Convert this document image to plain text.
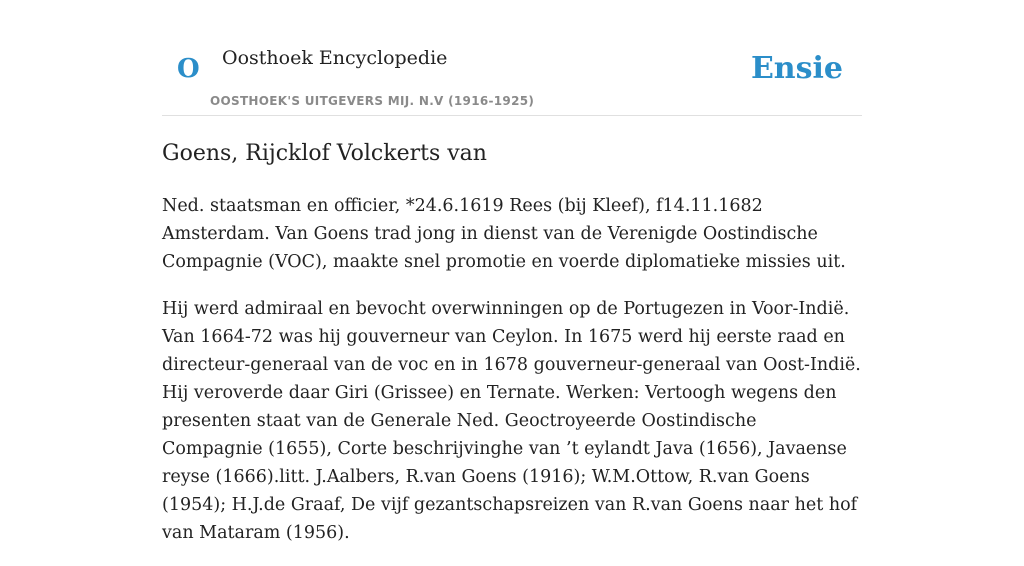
O Oosthoek Encyclopedie
OOSTHOEK'S UITGEVERS MIJ. N.V (1916-1925)
Ensie
Goens, Rijcklof Volckerts van

Ned. staatsman en officier, *24.6.1619 Rees (bij Kleef), f14.11.1682 Amsterdam. Van Goens trad jong in dienst van de Verenigde Oostindische Compagnie (VOC), maakte snel promotie en voerde diplomatieke missies uit.

Hij werd admiraal en bevocht overwinningen op de Portugezen in Voor-Indië. Van 1664-72 was hij gouverneur van Ceylon. In 1675 werd hij eerste raad en directeur-generaal van de voc en in 1678 gouverneur-generaal van Oost-Indië. Hij veroverde daar Giri (Grissee) en Ternate. Werken: Vertoogh wegens den presenten staat van de Generale Ned. Geoctroyeerde Oostindische Compagnie (1655), Corte beschrijvinghe van ’t eylandt Java (1656), Javaense reyse (1666).litt. J.Aalbers, R.van Goens (1916); W.M.Ottow, R.van Goens (1954); H.J.de Graaf, De vijf gezantschapsreizen van R.van Goens naar het hof van Mataram (1956).
